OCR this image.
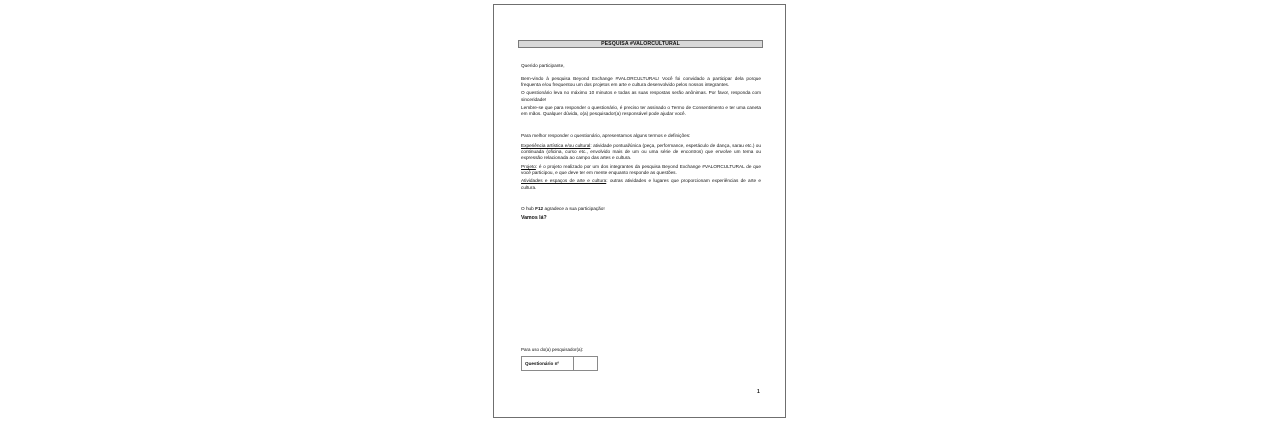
PESQUISA #VALORCULTURAL

Querido participante,

Bem-vindo à pesquisa Beyond Exchange #VALORCULTURAL! Você foi convidado a participar dela porque frequenta e/ou frequentou um dos projetos em arte e cultura desenvolvido pelos nossos integrantes.

O questionário leva no máximo 10 minutos e todas as suas respostas serão anônimas. Por favor, responda com sinceridade!

Lembre-se que para responder o questionário, é preciso ter assinado o Termo de Consentimento e ter uma caneta em mãos. Qualquer dúvida, o(a) pesquisador(a) responsável pode ajudar você.

Para melhor responder o questionário, apresentamos alguns termos e definições:

Experiência artística e/ou cultural: atividade pontual/única (peça, performance, espetáculo de dança, sarau etc.) ou continuada (oficina, curso etc., envolvido mais de um ou uma série de encontros) que envolve um tema ou expressão relacionada ao campo das artes e cultura.

Projeto: é o projeto realizado por um dos integrantes da pesquisa Beyond Exchange #VALORCULTURAL de que você participou, e que deve ter em mente enquanto responde as questões.

Atividades e espaços de arte e cultura: outras atividades e lugares que proporcionam experiências de arte e cultura.

O hub F12 agradece a sua participação!

Vamos lá?

Para uso do(a) pesquisador(a):
Questionário nº
1
